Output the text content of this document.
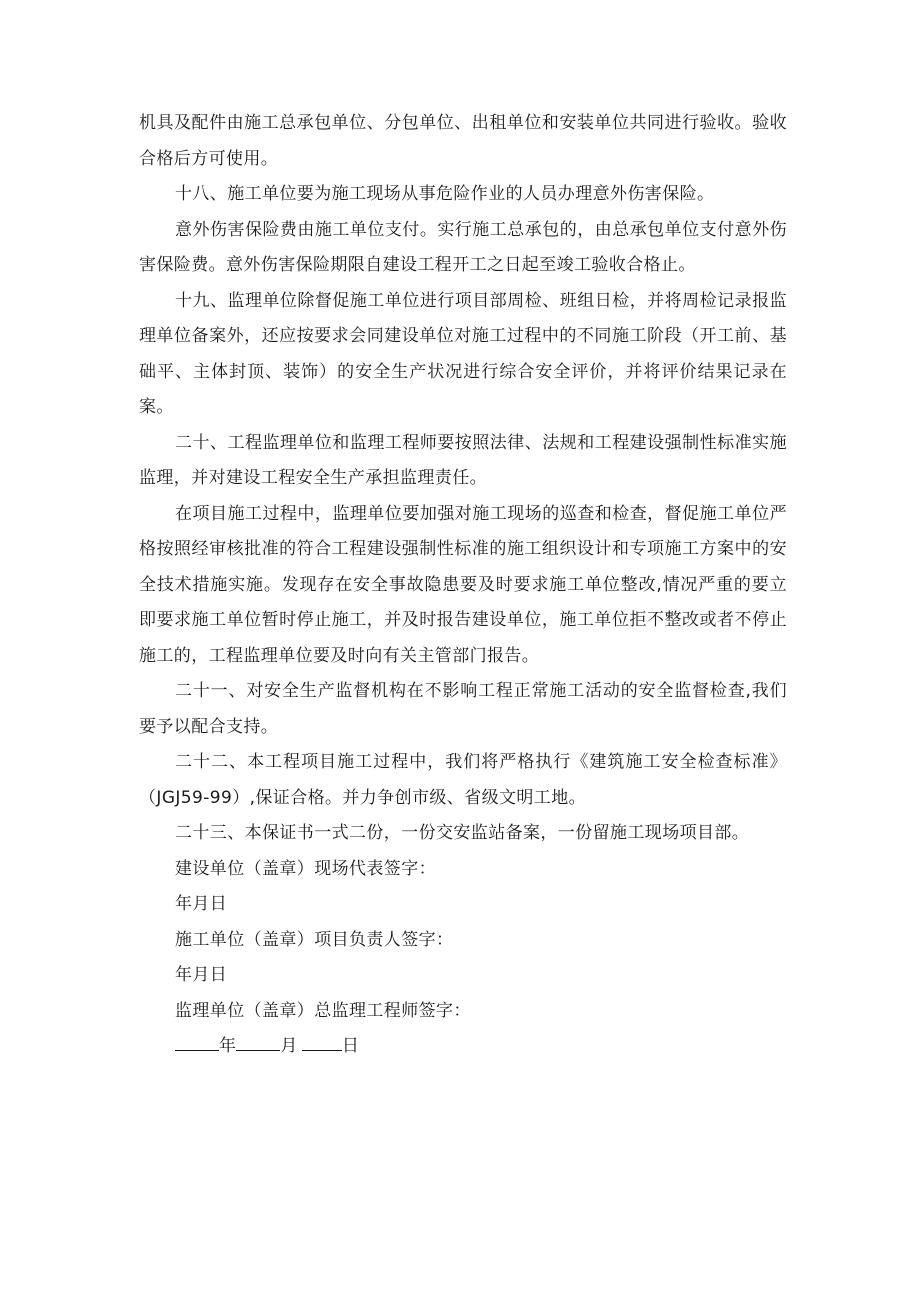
机具及配件由施工总承包单位、分包单位、出租单位和安装单位共同进行验收。验收合格后方可使用。

十八、施工单位要为施工现场从事危险作业的人员办理意外伤害保险。

意外伤害保险费由施工单位支付。实行施工总承包的，由总承包单位支付意外伤害保险费。意外伤害保险期限自建设工程开工之日起至竣工验收合格止。

十九、监理单位除督促施工单位进行项目部周检、班组日检，并将周检记录报监理单位备案外，还应按要求会同建设单位对施工过程中的不同施工阶段（开工前、基础平、主体封顶、装饰）的安全生产状况进行综合安全评价，并将评价结果记录在案。

二十、工程监理单位和监理工程师要按照法律、法规和工程建设强制性标准实施监理，并对建设工程安全生产承担监理责任。

在项目施工过程中，监理单位要加强对施工现场的巡查和检查，督促施工单位严格按照经审核批准的符合工程建设强制性标准的施工组织设计和专项施工方案中的安全技术措施实施。发现存在安全事故隐患要及时要求施工单位整改,情况严重的要立即要求施工单位暂时停止施工，并及时报告建设单位，施工单位拒不整改或者不停止施工的，工程监理单位要及时向有关主管部门报告。

二十一、对安全生产监督机构在不影响工程正常施工活动的安全监督检查,我们要予以配合支持。

二十二、本工程项目施工过程中，我们将严格执行《建筑施工安全检查标准》（JGJ59-99）,保证合格。并力争创市级、省级文明工地。

二十三、本保证书一式二份，一份交安监站备案，一份留施工现场项目部。

建设单位（盖章）现场代表签字：

年月日

施工单位（盖章）项目负责人签字：

年月日

监理单位（盖章）总监理工程师签字：

年	月	日
